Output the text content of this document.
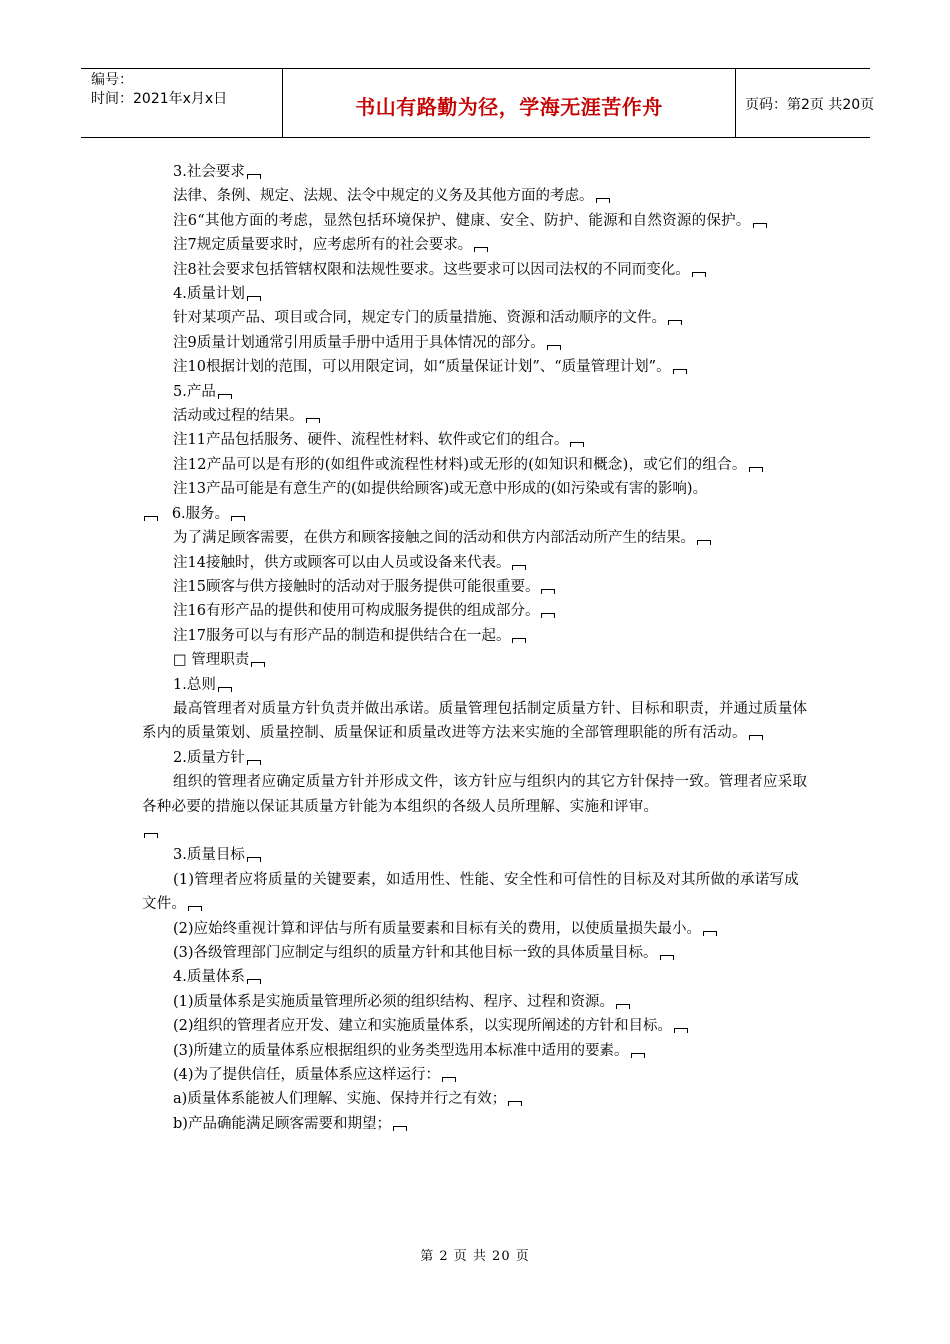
编号：
时间：2021年x月x日	书山有路勤为径，学海无涯苦作舟	页码：第2页 共20页

3.社会要求

法律、条例、规定、法规、法令中规定的义务及其他方面的考虑。

注6“其他方面的考虑，显然包括环境保护、健康、安全、防护、能源和自然资源的保护。

注7规定质量要求时，应考虑所有的社会要求。

注8社会要求包括管辖权限和法规性要求。这些要求可以因司法权的不同而变化。

4.质量计划

针对某项产品、项目或合同，规定专门的质量措施、资源和活动顺序的文件。

注9质量计划通常引用质量手册中适用于具体情况的部分。

注10根据计划的范围，可以用限定词，如“质量保证计划”、“质量管理计划”。

5.产品

活动或过程的结果。

注11产品包括服务、硬件、流程性材料、软件或它们的组合。

注12产品可以是有形的(如组件或流程性材料)或无形的(如知识和概念)，或它们的组合。

注13产品可能是有意生产的(如提供给顾客)或无意中形成的(如污染或有害的影响)。

6.服务。

为了满足顾客需要，在供方和顾客接触之间的活动和供方内部活动所产生的结果。

注14接触时，供方或顾客可以由人员或设备来代表。

注15顾客与供方接触时的活动对于服务提供可能很重要。

注16有形产品的提供和使用可构成服务提供的组成部分。

注17服务可以与有形产品的制造和提供结合在一起。

□ 管理职责

1.总则

最高管理者对质量方针负责并做出承诺。质量管理包括制定质量方针、目标和职责，并通过质量体系内的质量策划、质量控制、质量保证和质量改进等方法来实施的全部管理职能的所有活动。

2.质量方针

组织的管理者应确定质量方针并形成文件，该方针应与组织内的其它方针保持一致。管理者应采取各种必要的措施以保证其质量方针能为本组织的各级人员所理解、实施和评审。

3.质量目标

(1)管理者应将质量的关键要素，如适用性、性能、安全性和可信性的目标及对其所做的承诺写成文件。

(2)应始终重视计算和评估与所有质量要素和目标有关的费用，以使质量损失最小。

(3)各级管理部门应制定与组织的质量方针和其他目标一致的具体质量目标。

4.质量体系

(1)质量体系是实施质量管理所必须的组织结构、程序、过程和资源。

(2)组织的管理者应开发、建立和实施质量体系，以实现所阐述的方针和目标。

(3)所建立的质量体系应根据组织的业务类型选用本标准中适用的要素。

(4)为了提供信任，质量体系应这样运行：

a)质量体系能被人们理解、实施、保持并行之有效；

b)产品确能满足顾客需要和期望；

第 2 页 共 20 页
